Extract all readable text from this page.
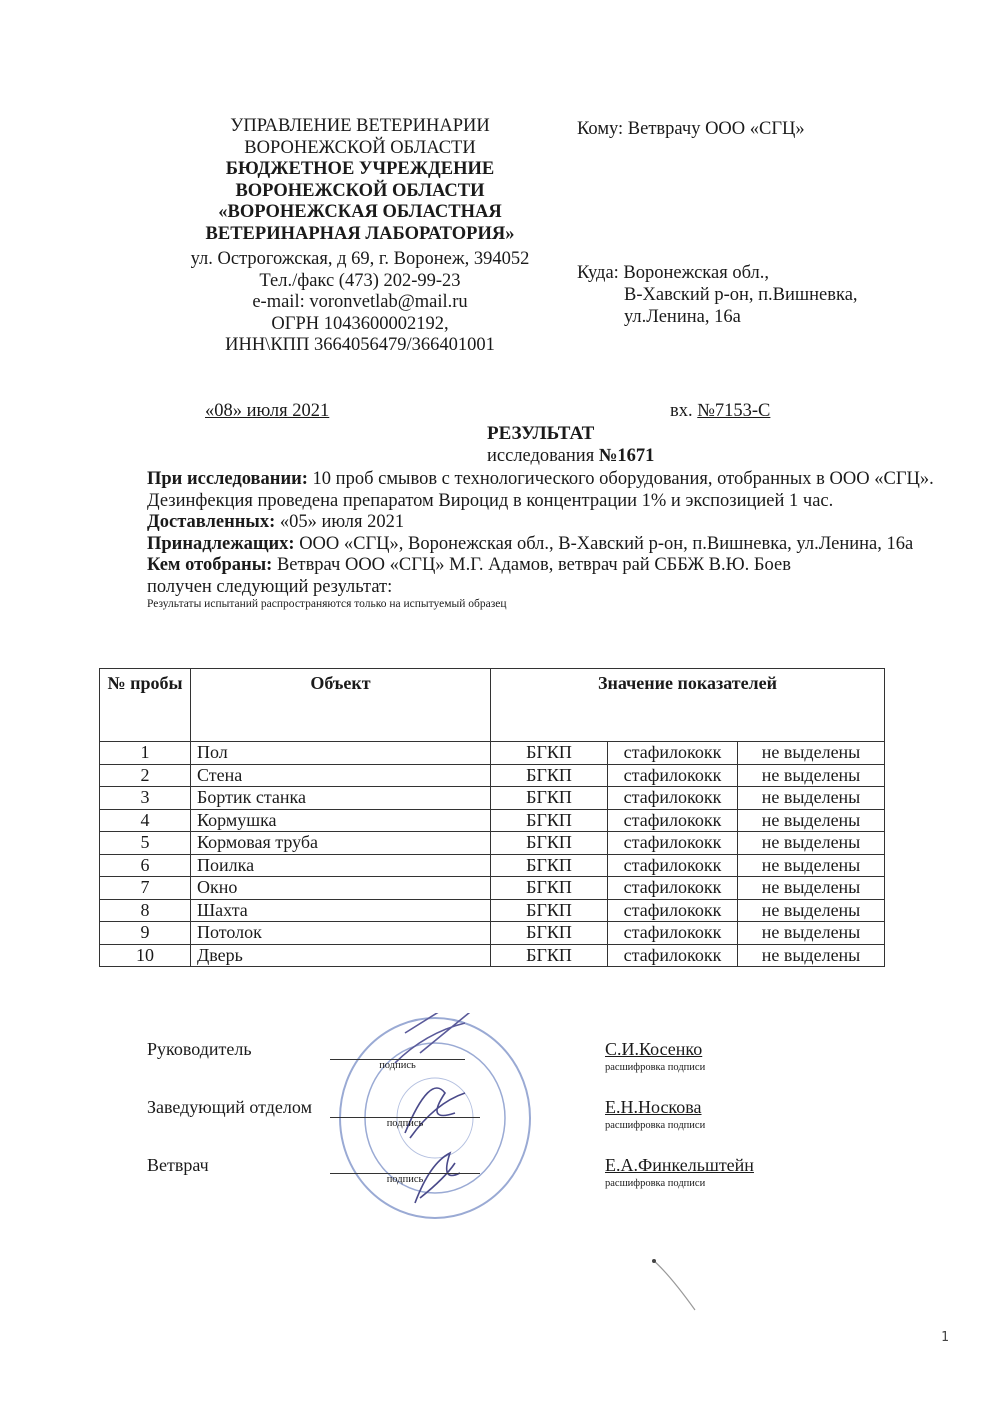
УПРАВЛЕНИЕ ВЕТЕРИНАРИИ
ВОРОНЕЖСКОЙ ОБЛАСТИ
БЮДЖЕТНОЕ УЧРЕЖДЕНИЕ
ВОРОНЕЖСКОЙ ОБЛАСТИ
«ВОРОНЕЖСКАЯ ОБЛАСТНАЯ
ВЕТЕРИНАРНАЯ ЛАБОРАТОРИЯ»
ул. Острогожская, д 69, г. Воронеж, 394052
Тел./факс (473) 202-99-23
e-mail: voronvetlab@mail.ru
ОГРН 1043600002192,
ИНН\КПП 3664056479/366401001
Кому: Ветврачу ООО «СГЦ»
Куда: Воронежская обл.,
В-Хавский р-он, п.Вишневка,
ул.Ленина, 16а
«08» июля 2021	вх. №7153-С
РЕЗУЛЬТАТ
исследования №1671
При исследовании: 10 проб смывов с технологического оборудования, отобранных в ООО «СГЦ».
Дезинфекция проведена препаратом Вироцид в концентрации 1% и экспозицией 1 час.
Доставленных: «05» июля 2021
Принадлежащих: ООО «СГЦ», Воронежская обл., В-Хавский р-он, п.Вишневка, ул.Ленина, 16а
Кем отобраны: Ветврач ООО «СГЦ» М.Г. Адамов, ветврач рай СББЖ В.Ю. Боев
получен следующий результат:
Результаты испытаний распространяются только на испытуемый образец
№ пробы	Объект	Значение показателей		
1	Пол	БГКП	стафилококк	не выделены
2	Стена	БГКП	стафилококк	не выделены
3	Бортик станка	БГКП	стафилококк	не выделены
4	Кормушка	БГКП	стафилококк	не выделены
5	Кормовая труба	БГКП	стафилококк	не выделены
6	Поилка	БГКП	стафилококк	не выделены
7	Окно	БГКП	стафилококк	не выделены
8	Шахта	БГКП	стафилококк	не выделены
9	Потолок	БГКП	стафилококк	не выделены
10	Дверь	БГКП	стафилококк	не выделены
Руководитель
подпись
С.И.Косенко
расшифровка подписи
Заведующий отделом
подпись
Е.Н.Носкова
расшифровка подписи
Ветврач
подпись
Е.А.Финкельштейн
расшифровка подписи
1
